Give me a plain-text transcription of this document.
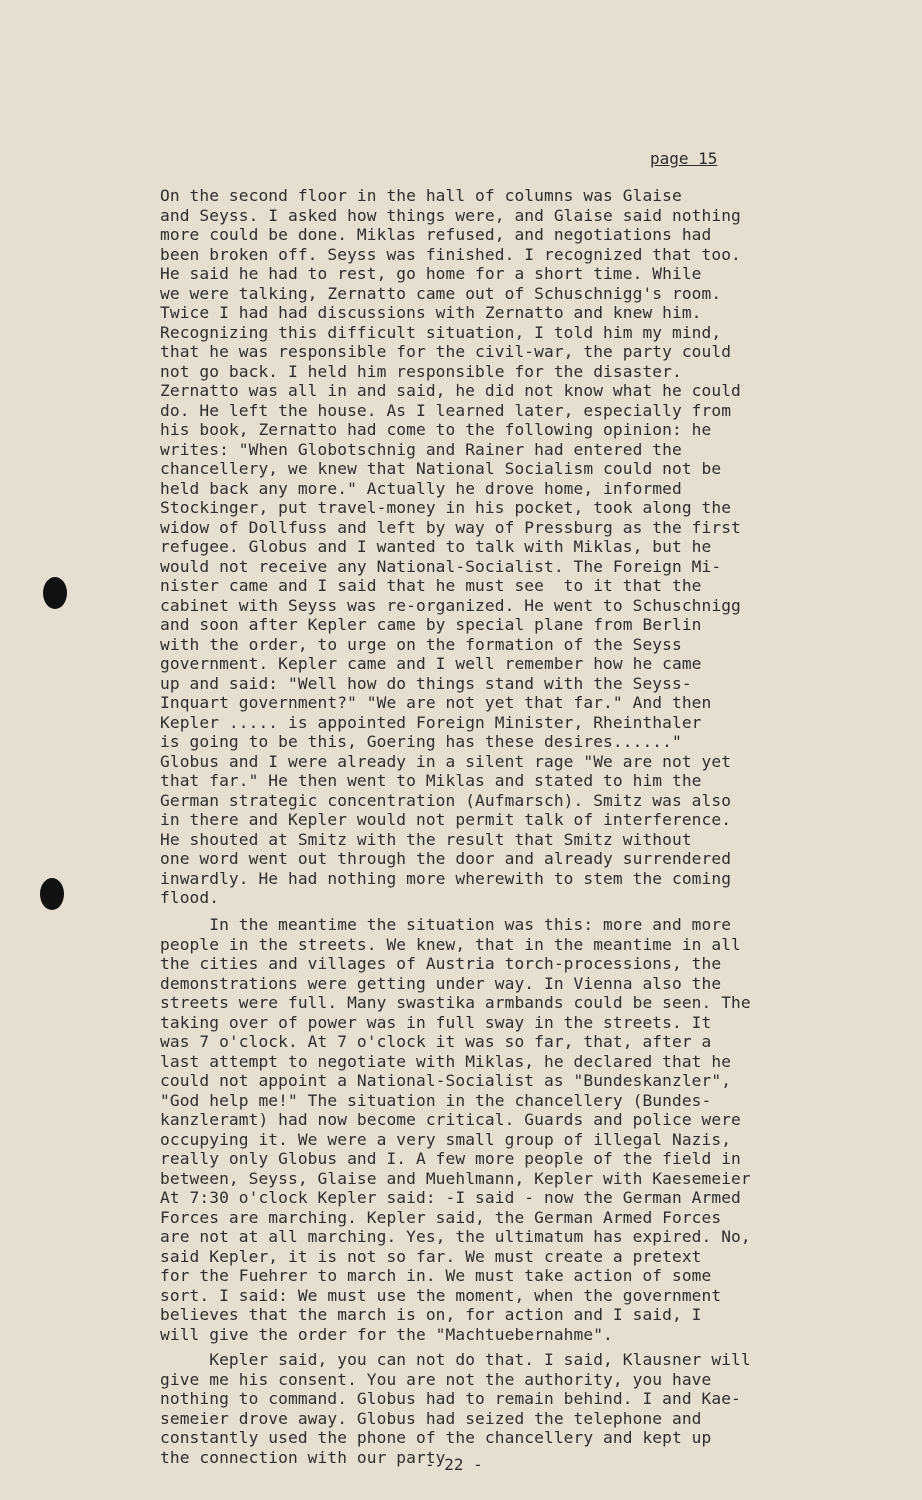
page 15
On the second floor in the hall of columns was Glaise
and Seyss. I asked how things were, and Glaise said nothing
more could be done. Miklas refused, and negotiations had
been broken off. Seyss was finished. I recognized that too.
He said he had to rest, go home for a short time. While
we were talking, Zernatto came out of Schuschnigg's room.
Twice I had had discussions with Zernatto and knew him.
Recognizing this difficult situation, I told him my mind,
that he was responsible for the civil-war, the party could
not go back. I held him responsible for the disaster.
Zernatto was all in and said, he did not know what he could
do. He left the house. As I learned later, especially from
his book, Zernatto had come to the following opinion: he
writes: "When Globotschnig and Rainer had entered the
chancellery, we knew that National Socialism could not be
held back any more." Actually he drove home, informed
Stockinger, put travel-money in his pocket, took along the
widow of Dollfuss and left by way of Pressburg as the first
refugee. Globus and I wanted to talk with Miklas, but he
would not receive any National-Socialist. The Foreign Mi-
nister came and I said that he must see  to it that the
cabinet with Seyss was re-organized. He went to Schuschnigg
and soon after Kepler came by special plane from Berlin
with the order, to urge on the formation of the Seyss
government. Kepler came and I well remember how he came
up and said: "Well how do things stand with the Seyss-
Inquart government?" "We are not yet that far." And then
Kepler ..... is appointed Foreign Minister, Rheinthaler
is going to be this, Goering has these desires......"
Globus and I were already in a silent rage "We are not yet
that far." He then went to Miklas and stated to him the
German strategic concentration (Aufmarsch). Smitz was also
in there and Kepler would not permit talk of interference.
He shouted at Smitz with the result that Smitz without
one word went out through the door and already surrendered
inwardly. He had nothing more wherewith to stem the coming
flood.
In the meantime the situation was this: more and more
people in the streets. We knew, that in the meantime in all
the cities and villages of Austria torch-processions, the
demonstrations were getting under way. In Vienna also the
streets were full. Many swastika armbands could be seen. The
taking over of power was in full sway in the streets. It
was 7 o'clock. At 7 o'clock it was so far, that, after a
last attempt to negotiate with Miklas, he declared that he
could not appoint a National-Socialist as "Bundeskanzler",
"God help me!" The situation in the chancellery (Bundes-
kanzleramt) had now become critical. Guards and police were
occupying it. We were a very small group of illegal Nazis,
really only Globus and I. A few more people of the field in
between, Seyss, Glaise and Muehlmann, Kepler with Kaesemeier
At 7:30 o'clock Kepler said: -I said - now the German Armed
Forces are marching. Kepler said, the German Armed Forces
are not at all marching. Yes, the ultimatum has expired. No,
said Kepler, it is not so far. We must create a pretext
for the Fuehrer to march in. We must take action of some
sort. I said: We must use the moment, when the government
believes that the march is on, for action and I said, I
will give the order for the "Machtuebernahme".
Kepler said, you can not do that. I said, Klausner will
give me his consent. You are not the authority, you have
nothing to command. Globus had to remain behind. I and Kae-
semeier drove away. Globus had seized the telephone and
constantly used the phone of the chancellery and kept up
the connection with our party
- 22 -
